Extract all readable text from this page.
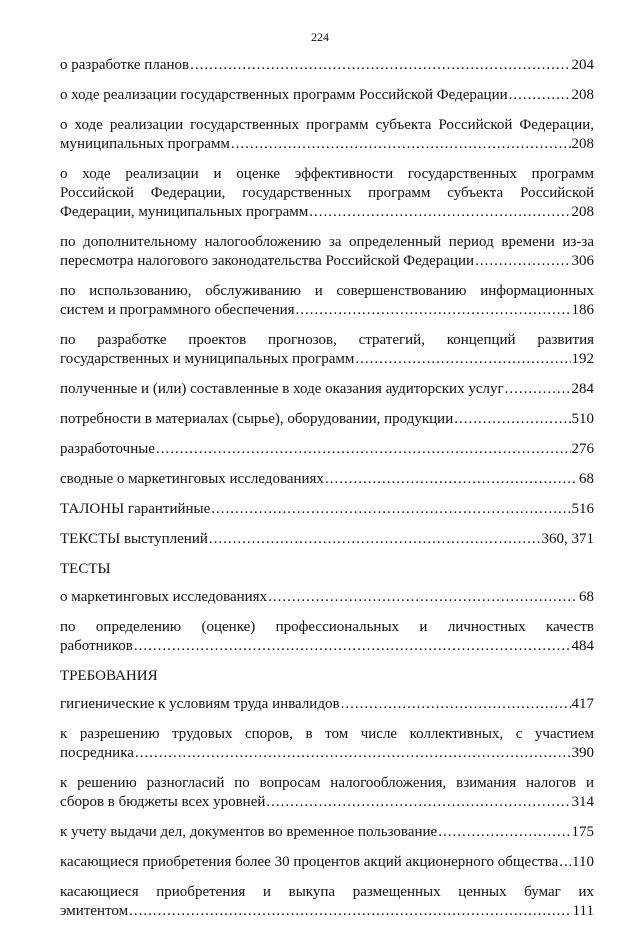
224
о разработке планов .....	204
о ходе реализации государственных программ Российской Федерации .....	208
о ходе реализации государственных программ субъекта Российской Федерации,
муниципальных программ .....	208
о ходе реализации и оценке эффективности государственных программ
Российской Федерации, государственных программ субъекта Российской
Федерации, муниципальных программ .....	208
по дополнительному налогообложению за определенный период времени из-за
пересмотра налогового законодательства Российской Федерации .....	306
по использованию, обслуживанию и совершенствованию информационных
систем и программного обеспечения .....	186
по разработке проектов прогнозов, стратегий, концепций развития
государственных и муниципальных программ .....	192
полученные и (или) составленные в ходе оказания аудиторских услуг .....	284
потребности в материалах (сырье), оборудовании, продукции .....	510
разработочные .....	276
сводные о маркетинговых исследованиях .....	68
ТАЛОНЫ гарантийные .....	516
ТЕКСТЫ выступлений .....	360, 371
ТЕСТЫ
о маркетинговых исследованиях .....	68
по определению (оценке) профессиональных и личностных качеств
работников .....	484
ТРЕБОВАНИЯ
гигиенические к условиям труда инвалидов .....	417
к разрешению трудовых споров, в том числе коллективных, с участием
посредника .....	390
к решению разногласий по вопросам налогообложения, взимания налогов и
сборов в бюджеты всех уровней .....	314
к учету выдачи дел, документов во временное пользование .....	175
касающиеся приобретения более 30 процентов акций акционерного общества ..... 110
касающиеся приобретения и выкупа размещенных ценных бумаг их
эмитентом .....	111
